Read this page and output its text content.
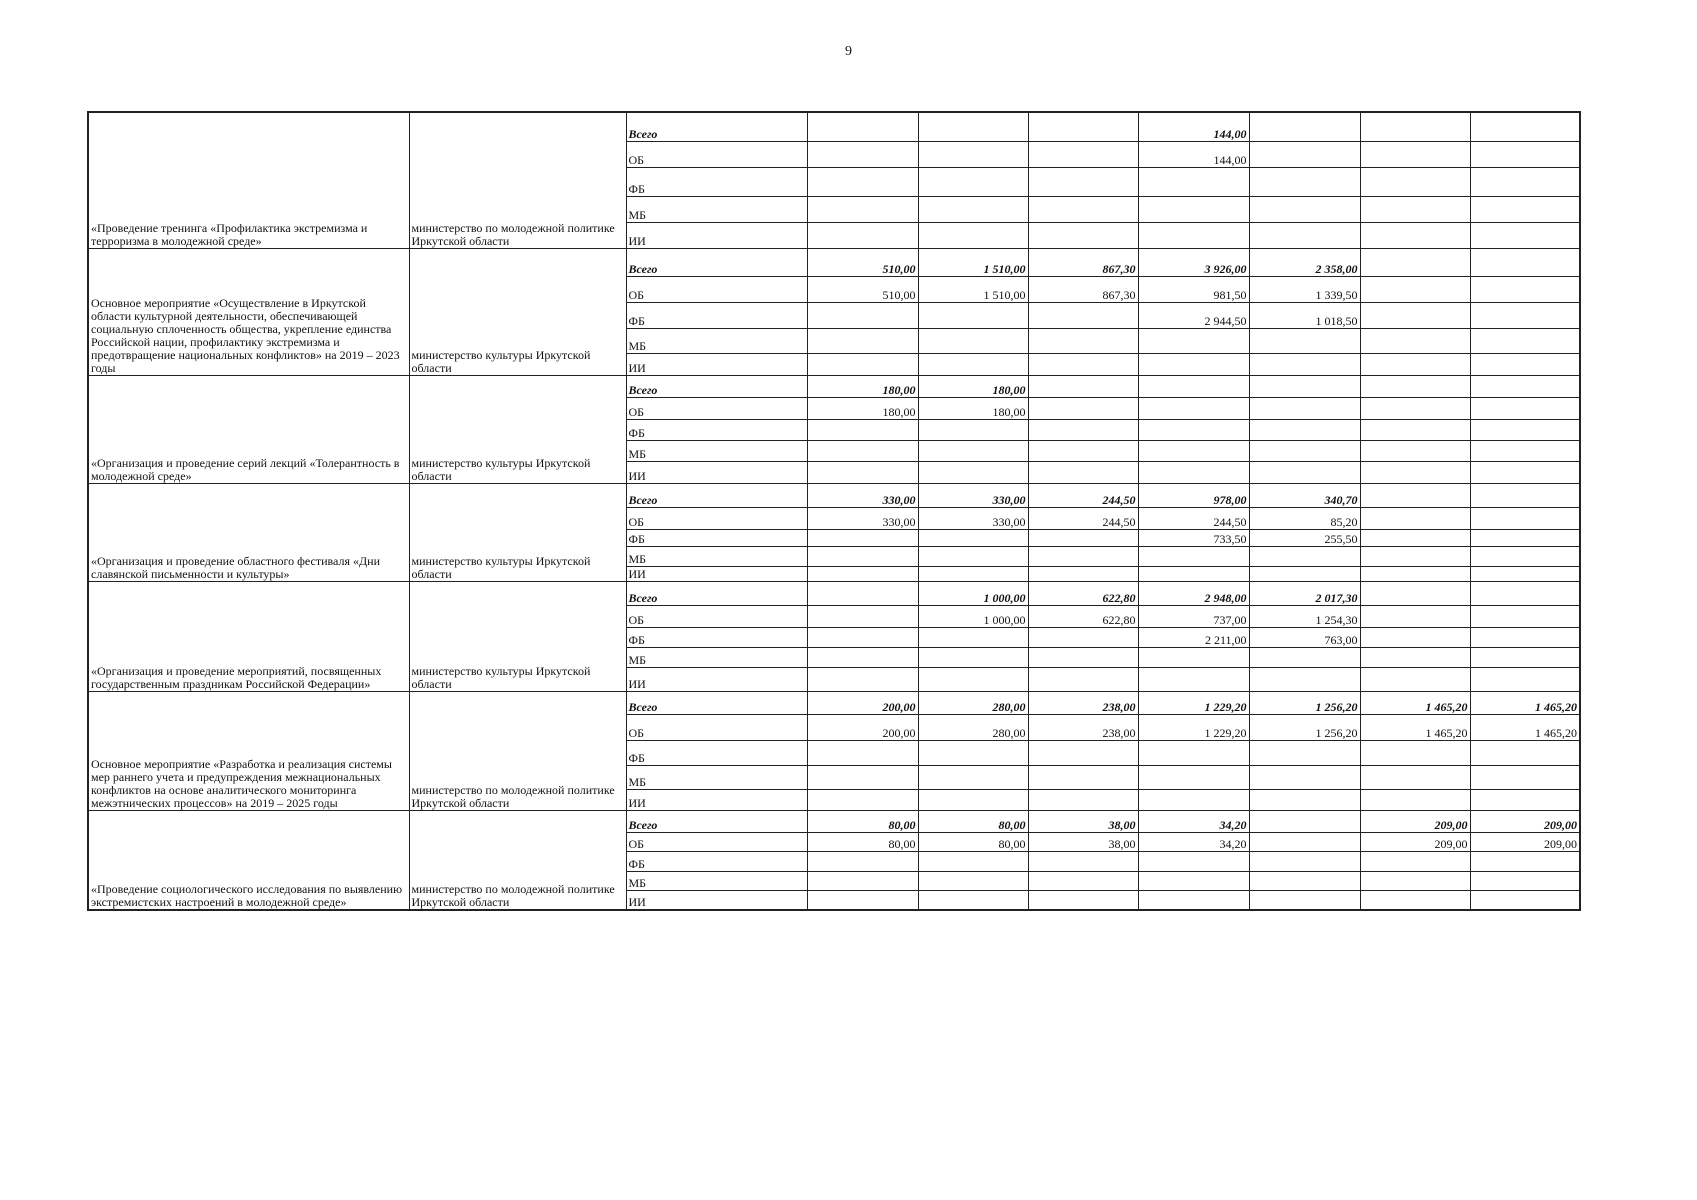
9
«Проведение тренинга «Профилактика экстремизма и терроризма в молодежной среде»	министерство по молодежной политике Иркутской области	Всего				144,00			
		ОБ				144,00			
		ФБ							
		МБ							
		ИИ							
Основное мероприятие «Осуществление в Иркутской области культурной деятельности, обеспечивающей социальную сплоченность общества, укрепление единства Российской нации, профилактику экстремизма и предотвращение национальных конфликтов» на 2019 – 2023 годы	министерство культуры Иркутской области	Всего	510,00	1 510,00	867,30	3 926,00	2 358,00		
		ОБ	510,00	1 510,00	867,30	981,50	1 339,50		
		ФБ				2 944,50	1 018,50		
		МБ							
		ИИ							
«Организация и проведение серий лекций «Толерантность в молодежной среде»	министерство культуры Иркутской области	Всего	180,00	180,00					
		ОБ	180,00	180,00					
		ФБ							
		МБ							
		ИИ							
«Организация и проведение областного фестиваля «Дни славянской письменности и культуры»	министерство культуры Иркутской области	Всего	330,00	330,00	244,50	978,00	340,70		
		ОБ	330,00	330,00	244,50	244,50	85,20		
		ФБ				733,50	255,50		
		МБ							
		ИИ							
«Организация и проведение мероприятий, посвященных государственным праздникам Российской Федерации»	министерство культуры Иркутской области	Всего		1 000,00	622,80	2 948,00	2 017,30		
		ОБ		1 000,00	622,80	737,00	1 254,30		
		ФБ				2 211,00	763,00		
		МБ							
		ИИ							
Основное мероприятие «Разработка и реализация системы мер раннего учета и предупреждения межнациональных конфликтов на основе аналитического мониторинга межэтнических процессов» на 2019 – 2025 годы	министерство по молодежной политике Иркутской области	Всего	200,00	280,00	238,00	1 229,20	1 256,20	1 465,20	1 465,20
		ОБ	200,00	280,00	238,00	1 229,20	1 256,20	1 465,20	1 465,20
		ФБ							
		МБ							
		ИИ							
«Проведение социологического исследования по выявлению экстремистских настроений в молодежной среде»	министерство по молодежной политике Иркутской области	Всего	80,00	80,00	38,00	34,20		209,00	209,00
		ОБ	80,00	80,00	38,00	34,20		209,00	209,00
		ФБ							
		МБ							
		ИИ							
